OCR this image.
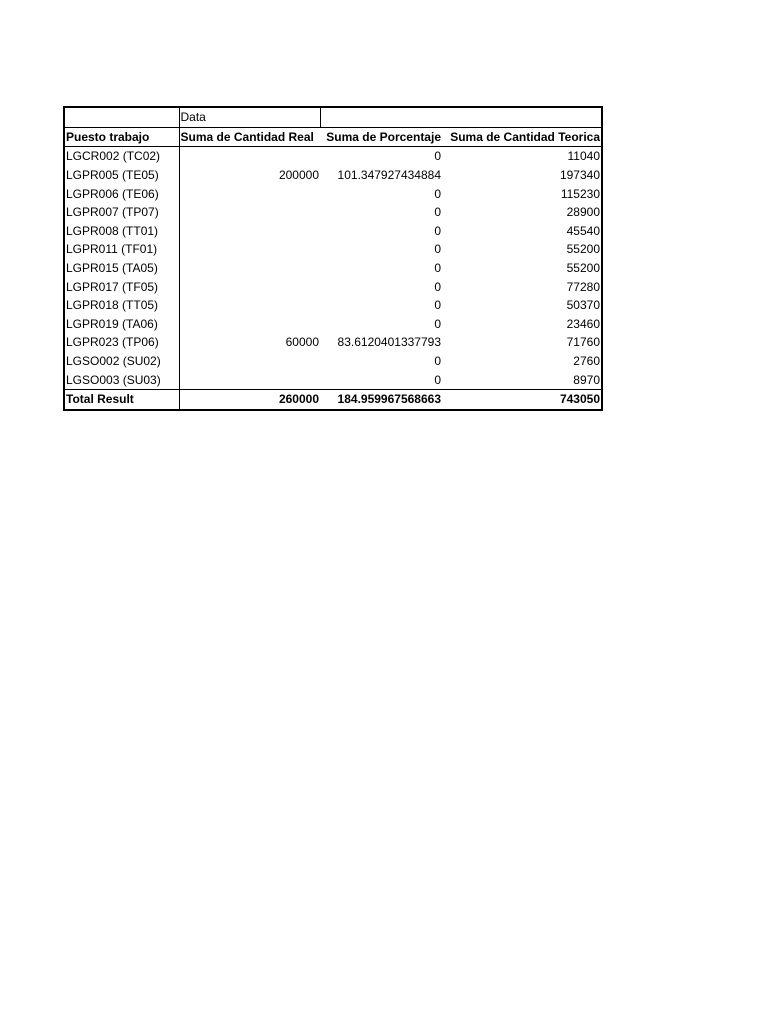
	Data		
Puesto trabajo	Suma de Cantidad Real	Suma de Porcentaje	Suma de Cantidad Teorica
LGCR002 (TC02)		0	11040
LGPR005 (TE05)	200000	101.347927434884	197340
LGPR006 (TE06)		0	115230
LGPR007 (TP07)		0	28900
LGPR008 (TT01)		0	45540
LGPR011 (TF01)		0	55200
LGPR015 (TA05)		0	55200
LGPR017 (TF05)		0	77280
LGPR018 (TT05)		0	50370
LGPR019 (TA06)		0	23460
LGPR023 (TP06)	60000	83.6120401337793	71760
LGSO002 (SU02)		0	2760
LGSO003 (SU03)		0	8970
Total Result	260000	184.959967568663	743050
